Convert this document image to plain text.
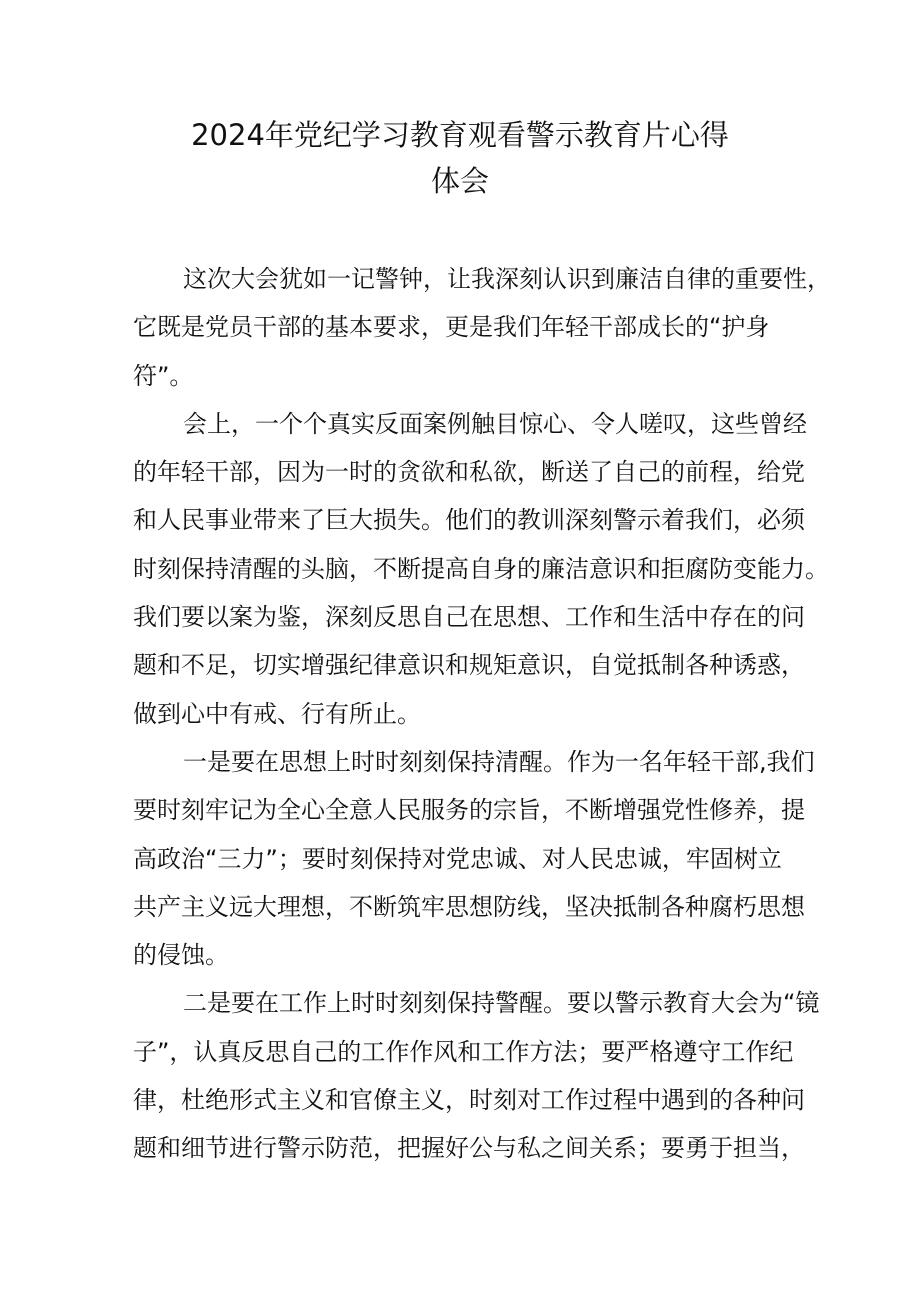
2024年党纪学习教育观看警示教育片心得
体会
这次大会犹如一记警钟，让我深刻认识到廉洁自律的重要性，
它既是党员干部的基本要求，更是我们年轻干部成长的“护身
符”。
会上，一个个真实反面案例触目惊心、令人嗟叹，这些曾经
的年轻干部，因为一时的贪欲和私欲，断送了自己的前程，给党
和人民事业带来了巨大损失。他们的教训深刻警示着我们，必须
时刻保持清醒的头脑，不断提高自身的廉洁意识和拒腐防变能力。
我们要以案为鉴，深刻反思自己在思想、工作和生活中存在的问
题和不足，切实增强纪律意识和规矩意识，自觉抵制各种诱惑，
做到心中有戒、行有所止。
一是要在思想上时时刻刻保持清醒。作为一名年轻干部,我们
要时刻牢记为全心全意人民服务的宗旨，不断增强党性修养，提
高政治“三力”；要时刻保持对党忠诚、对人民忠诚，牢固树立
共产主义远大理想，不断筑牢思想防线，坚决抵制各种腐朽思想
的侵蚀。
二是要在工作上时时刻刻保持警醒。要以警示教育大会为“镜
子”，认真反思自己的工作作风和工作方法；要严格遵守工作纪
律，杜绝形式主义和官僚主义，时刻对工作过程中遇到的各种问
题和细节进行警示防范，把握好公与私之间关系；要勇于担当，
